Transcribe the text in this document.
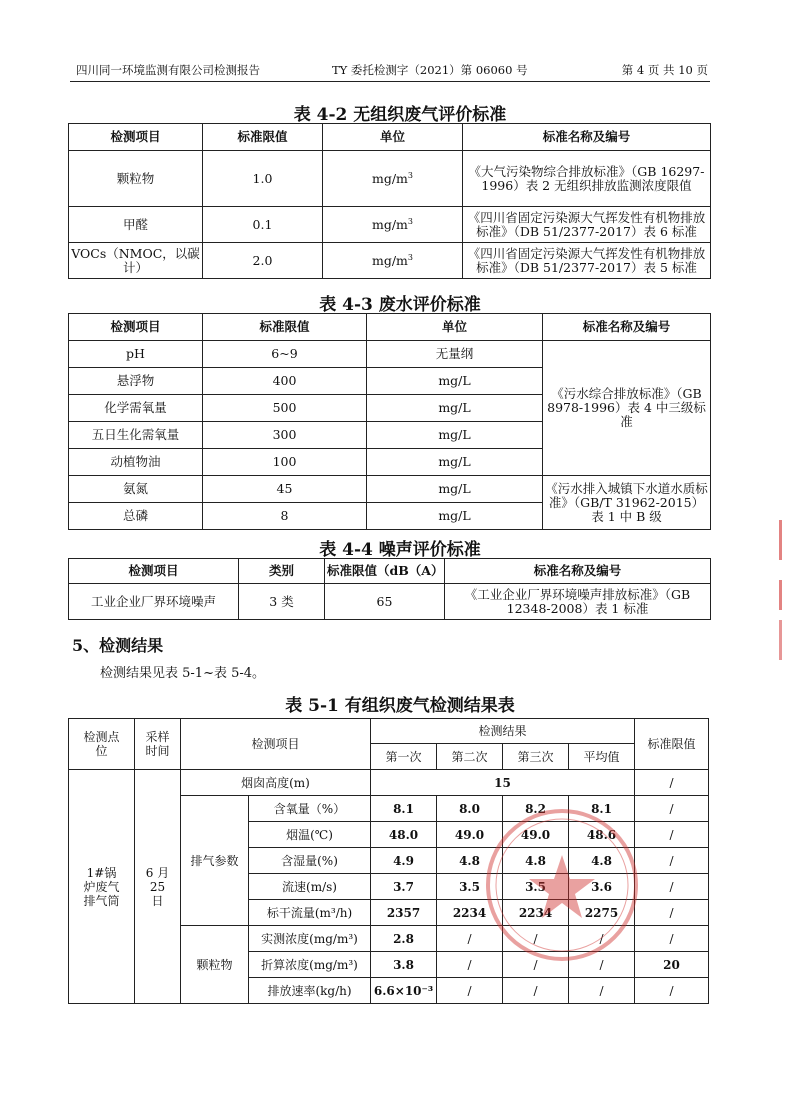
四川同一环境监测有限公司检测报告	TY 委托检测字（2021）第 06060 号	第 4 页 共 10 页
表 4-2 无组织废气评价标准
检测项目	标准限值	单位	标准名称及编号
颗粒物	1.0	$mg/m^3$	《大气污染物综合排放标准》（GB 16297-1996）表 2 无组织排放监测浓度限值
甲醛	0.1	$mg/m^3$	《四川省固定污染源大气挥发性有机物排放标准》（DB 51/2377-2017）表 6 标准
VOCs（NMOC，以碳计）	2.0	$mg/m^3$	《四川省固定污染源大气挥发性有机物排放标准》（DB 51/2377-2017）表 5 标准
表 4-3 废水评价标准
检测项目	标准限值	单位	标准名称及编号
pH	6~9	无量纲	《污水综合排放标准》（GB 8978-1996）表 4 中三级标准
悬浮物	400	mg/L	
化学需氧量	500	mg/L	
五日生化需氧量	300	mg/L	
动植物油	100	mg/L	
氨氮	45	mg/L	《污水排入城镇下水道水质标准》（GB/T 31962-2015）表 1 中 B 级
总磷	8	mg/L	
表 4-4 噪声评价标准
检测项目	类别	标准限值（dB（A）	标准名称及编号
工业企业厂界环境噪声	3 类	65	《工业企业厂界环境噪声排放标准》（GB 12348-2008）表 1 标准
5、检测结果
检测结果见表 5-1~表 5-4。
表 5-1 有组织废气检测结果表
检测点位	采样时间	检测项目		检测结果				标准限值
				第一次	第二次	第三次	平均值	
1#锅炉废气排气筒	6 月 25 日	烟囱高度(m)		15				/
		排气参数	含氧量（%）	8.1	8.0	8.2	8.1	/
			烟温(℃)	48.0	49.0	49.0	48.6	/
			含湿量(%)	4.9	4.8	4.8	4.8	/
			流速(m/s)	3.7	3.5	3.5	3.6	/
			标干流量(m³/h)	2357	2234	2234	2275	/
		颗粒物	实测浓度(mg/m³)	2.8	/	/	/	/
			折算浓度(mg/m³)	3.8	/	/	/	20
			排放速率(kg/h)	6.6×10⁻³	/	/	/	/
